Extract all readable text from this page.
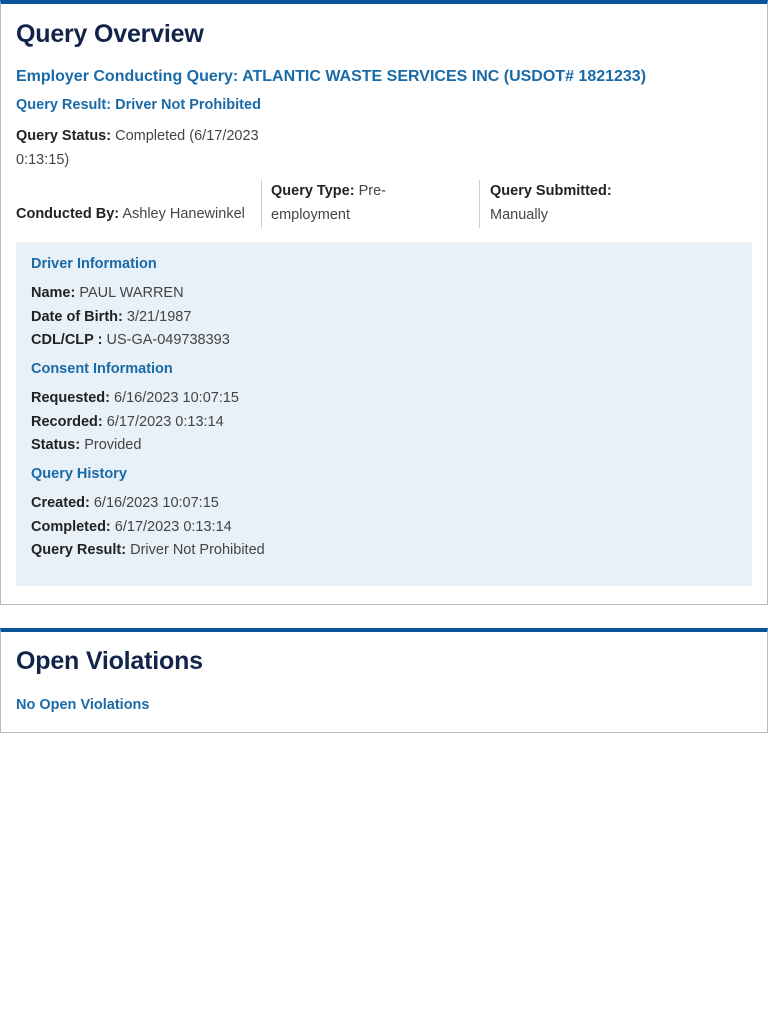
Query Overview
Employer Conducting Query: ATLANTIC WASTE SERVICES INC (USDOT# 1821233)
Query Result: Driver Not Prohibited
Query Status: Completed (6/17/2023
0:13:15)
Conducted By: Ashley Hanewinkel
Query Type: Pre-
employment
Query Submitted:
Manually
Driver Information
Name: PAUL WARREN
Date of Birth: 3/21/1987
CDL/CLP : US-GA-049738393
Consent Information
Requested: 6/16/2023 10:07:15
Recorded: 6/17/2023 0:13:14
Status: Provided
Query History
Created: 6/16/2023 10:07:15
Completed: 6/17/2023 0:13:14
Query Result: Driver Not Prohibited
Open Violations
No Open Violations
